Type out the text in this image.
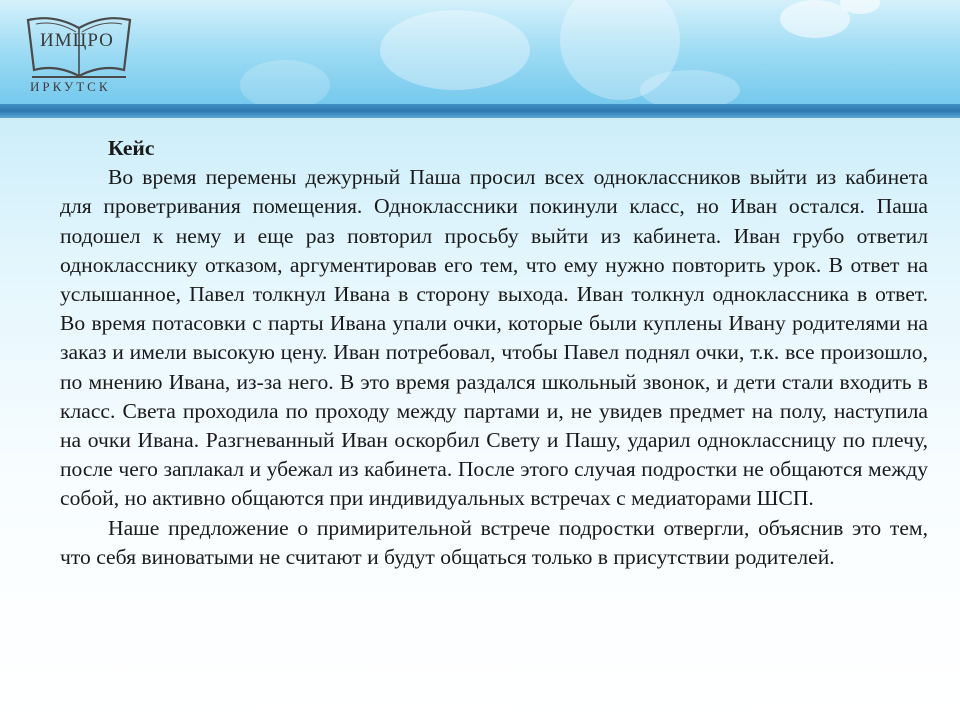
ИМЦРО
ИРКУТСК

Кейс

Во время перемены дежурный Паша просил всех одноклассников выйти из кабинета для проветривания помещения. Одноклассники покинули класс, но Иван остался. Паша подошел к нему и еще раз повторил просьбу выйти из кабинета. Иван грубо ответил однокласснику отказом, аргументировав его тем, что ему нужно повторить урок. В ответ на услышанное, Павел толкнул Ивана в сторону выхода. Иван толкнул одноклассника в ответ. Во время потасовки с парты Ивана упали очки, которые были куплены Ивану родителями на заказ и имели высокую цену. Иван потребовал, чтобы Павел поднял очки, т.к. все произошло, по мнению Ивана, из-за него. В это время раздался школьный звонок, и дети стали входить в класс. Света проходила по проходу между партами и, не увидев предмет на полу, наступила на очки Ивана. Разгневанный Иван оскорбил Свету и Пашу, ударил одноклассницу по плечу, после чего заплакал и убежал из кабинета. После этого случая подростки не общаются между собой, но активно общаются при индивидуальных встречах с медиаторами ШСП.

Наше предложение о примирительной встрече подростки отвергли, объяснив это тем, что себя виноватыми не считают и будут общаться только в присутствии родителей.
